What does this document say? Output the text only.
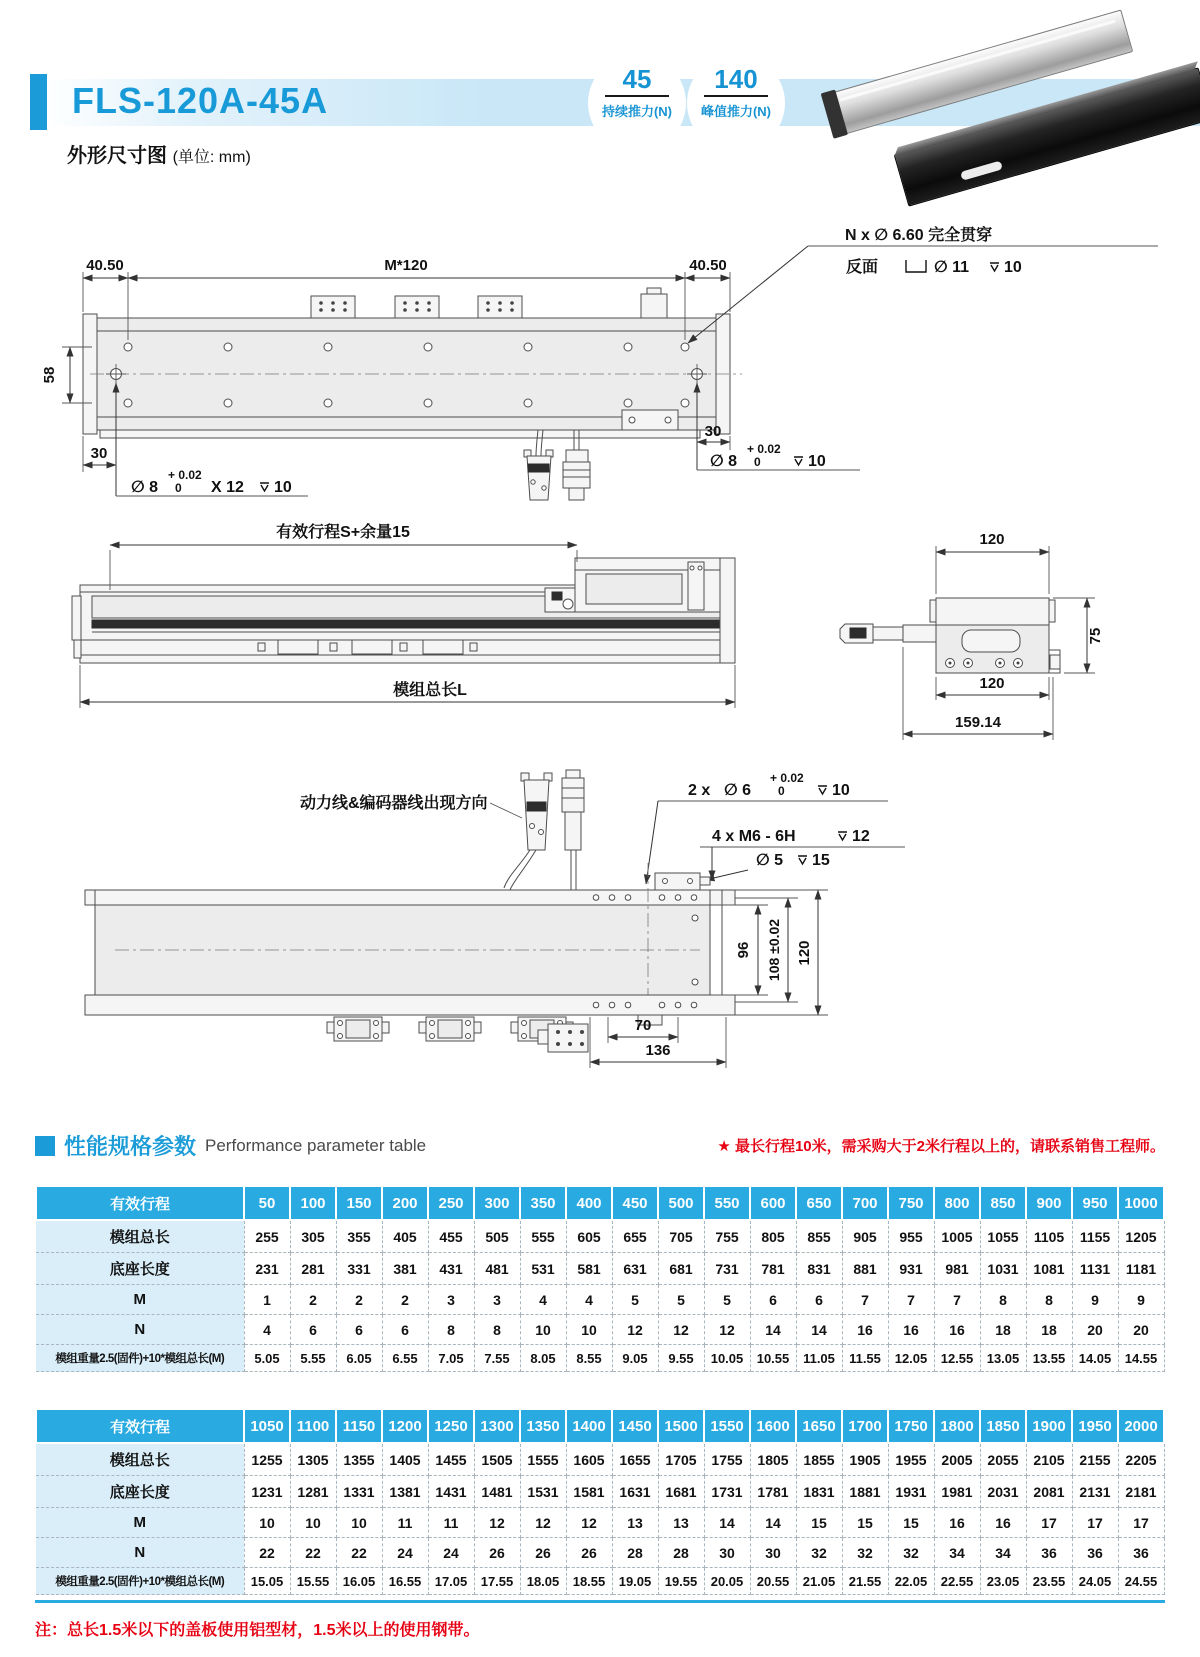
FLS-120A-45A
45
持续推力(N)
140
峰值推力(N)
外形尺寸图 (单位: mm)
40.50	M*120	40.50
58
30
∅ 8
+ 0.02
0 X 12 10
30
∅ 8
+ 0.02
0	10
N x ∅ 6.60 完全贯穿
反面	∅ 11 10
有效行程S+余量15
模组总长L
120
75
120
159.14
动力线&编码器线出现方向
2 x ∅ 6
+ 0.02
0	10
4 x M6 - 6H	12
∅ 5 15
96 108 ±0.02 120
70
136
性能规格参数 Performance parameter table	★ 最长行程10米，需采购大于2米行程以上的，请联系销售工程师。
有效行程	50	100	150	200	250	300	350	400	450	500	550	600	650	700	750	800	850	900	950	1000
模组总长	255	305	355	405	455	505	555	605	655	705	755	805	855	905	955	1005	1055	1105	1155	1205
底座长度	231	281	331	381	431	481	531	581	631	681	731	781	831	881	931	981	1031	1081	1131	1181
M	1	2	2	2	3	3	4	4	5	5	5	6	6	7	7	7	8	8	9	9
N	4	6	6	6	8	8	10	10	12	12	12	14	14	16	16	16	18	18	20	20
模组重量2.5(固件)+10*模组总长(M)	5.05	5.55	6.05	6.55	7.05	7.55	8.05	8.55	9.05	9.55	10.05	10.55	11.05	11.55	12.05	12.55	13.05	13.55	14.05	14.55
有效行程	1050	1100	1150	1200	1250	1300	1350	1400	1450	1500	1550	1600	1650	1700	1750	1800	1850	1900	1950	2000
模组总长	1255	1305	1355	1405	1455	1505	1555	1605	1655	1705	1755	1805	1855	1905	1955	2005	2055	2105	2155	2205
底座长度	1231	1281	1331	1381	1431	1481	1531	1581	1631	1681	1731	1781	1831	1881	1931	1981	2031	2081	2131	2181
M	10	10	10	11	11	12	12	12	13	13	14	14	15	15	15	16	16	17	17	17
N	22	22	22	24	24	26	26	26	28	28	30	30	32	32	32	34	34	36	36	36
模组重量2.5(固件)+10*模组总长(M)	15.05	15.55	16.05	16.55	17.05	17.55	18.05	18.55	19.05	19.55	20.05	20.55	21.05	21.55	22.05	22.55	23.05	23.55	24.05	24.55
注：总长1.5米以下的盖板使用铝型材，1.5米以上的使用钢带。
